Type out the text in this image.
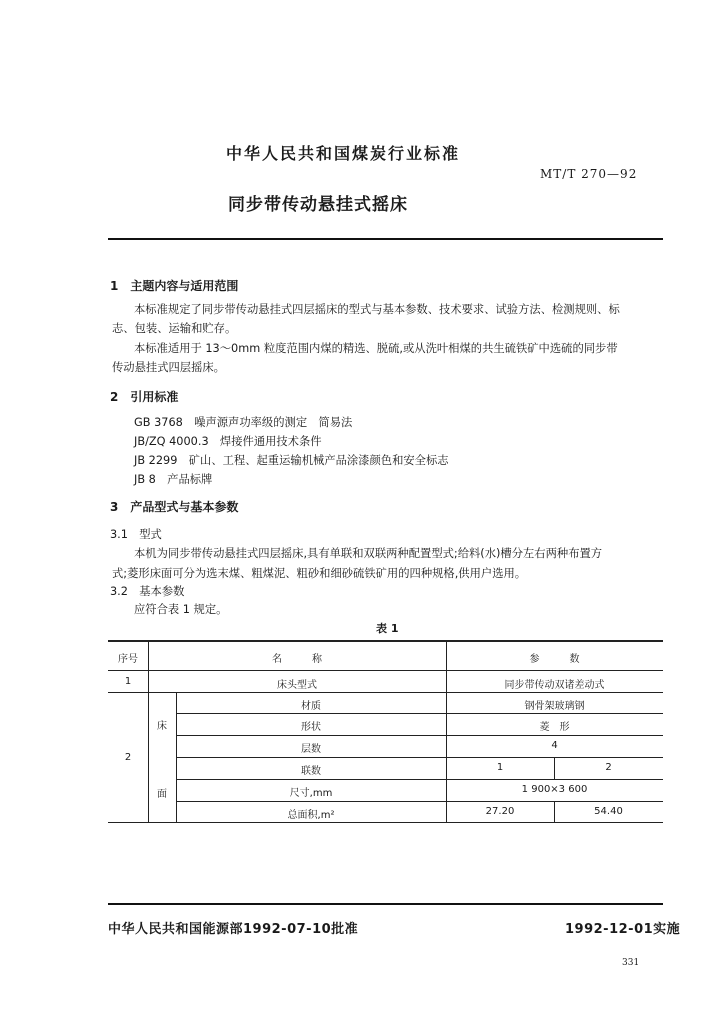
中华人民共和国煤炭行业标准
MT/T 270—92
同步带传动悬挂式摇床
1　主题内容与适用范围
本标准规定了同步带传动悬挂式四层摇床的型式与基本参数、技术要求、试验方法、检测规则、标
志、包装、运输和贮存。
本标准适用于 13～0mm 粒度范围内煤的精选、脱硫,或从洗叶相煤的共生硫铁矿中选硫的同步带
传动悬挂式四层摇床。
2　引用标准
GB 3768　噪声源声功率级的测定　简易法
JB/ZQ 4000.3　焊接件通用技术条件
JB 2299　矿山、工程、起重运输机械产品涂漆颜色和安全标志
JB 8　产品标牌
3　产品型式与基本参数
3.1　型式
本机为同步带传动悬挂式四层摇床,具有单联和双联两种配置型式;给料(水)槽分左右两种布置方
式;菱形床面可分为选末煤、粗煤泥、粗砂和细砂硫铁矿用的四种规格,供用户选用。
3.2　基本参数
应符合表 1 规定。
表 1
序号	名　　　称	参　　　数
1	床头型式	同步带传动双诸差动式
2
床
面
材质	钢骨架玻璃钢
形状	菱　形
层数	4
联数	1	2
尺寸,mm	1 900×3 600
总面积,m²	27.20	54.40
中华人民共和国能源部1992-07-10批准	1992-12-01实施
331
